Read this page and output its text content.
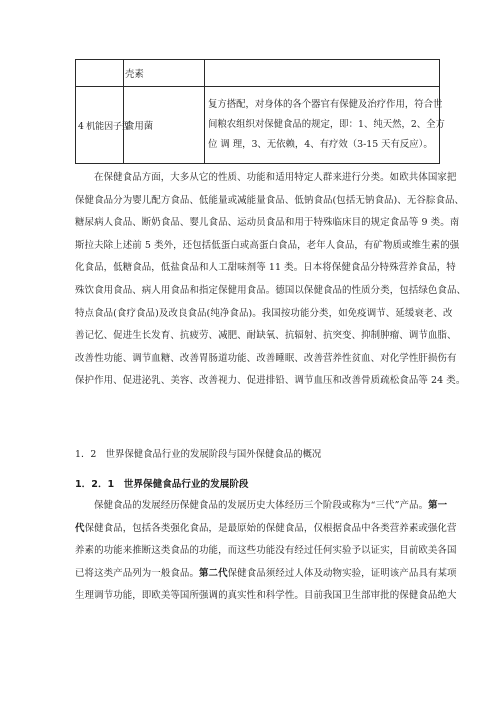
	壳素	
4 机能因子型	食用菌	复方搭配，对身体的各个器官有保健及治疗作用，符合世
间粮农组织对保健食品的规定，即：1、纯天然，2、全方
位 调 理，3、无依赖，4、有疗效（3-15 天有反应）。
在保健食品方面，大多从它的性质、功能和适用特定人群来进行分类。如欧共体国家把
保健食品分为婴儿配方食品、低能量或减能量食品、低钠食品(包括无钠食品)、无谷腙食品、
糖尿病人食品、断奶食品、婴儿食品、运动员食品和用于特殊临床目的规定食品等 9 类。南
斯拉夫除上述前 5 类外，还包括低蛋白或高蛋白食品，老年人食品，有矿物质或维生素的强
化食品，低糖食品，低盐食品和人工甜味剂等 11 类。日本将保健食品分特殊营养食品，特
殊饮食用食品、病人用食品和指定保健用食品。德国以保健食品的性质分类，包括绿色食品、
特点食品(食疗食品)及改良食品(纯净食品)。我国按功能分类，如免疫调节、延缓衰老、改
善记忆、促进生长发育、抗疲劳、减肥、耐缺氧、抗辐射、抗突变、抑制肿瘤、调节血脂、
改善性功能、调节血糖、改善胃肠道功能、改善睡眠、改善营养性贫血、对化学性肝损伤有
保护作用、促进泌乳、美容、改善视力、促进排铅、调节血压和改善骨质疏松食品等 24 类。
1．2　世界保健食品行业的发展阶段与国外保健食品的概况
1．2．1　世界保健食品行业的发展阶段
保健食品的发展经历保健食品的发展历史大体经历三个阶段或称为“三代”产品。第一
代保健食品，包括各类强化食品，是最原始的保健食品，仅根据食品中各类营养素或强化营
养素的功能来推断这类食品的功能，而这些功能没有经过任何实验予以证实，目前欧美各国
已将这类产品列为一般食品。第二代保健食品须经过人体及动物实验，证明该产品具有某项
生理调节功能，即欧美等国所强调的真实性和科学性。目前我国卫生部审批的保健食品绝大
